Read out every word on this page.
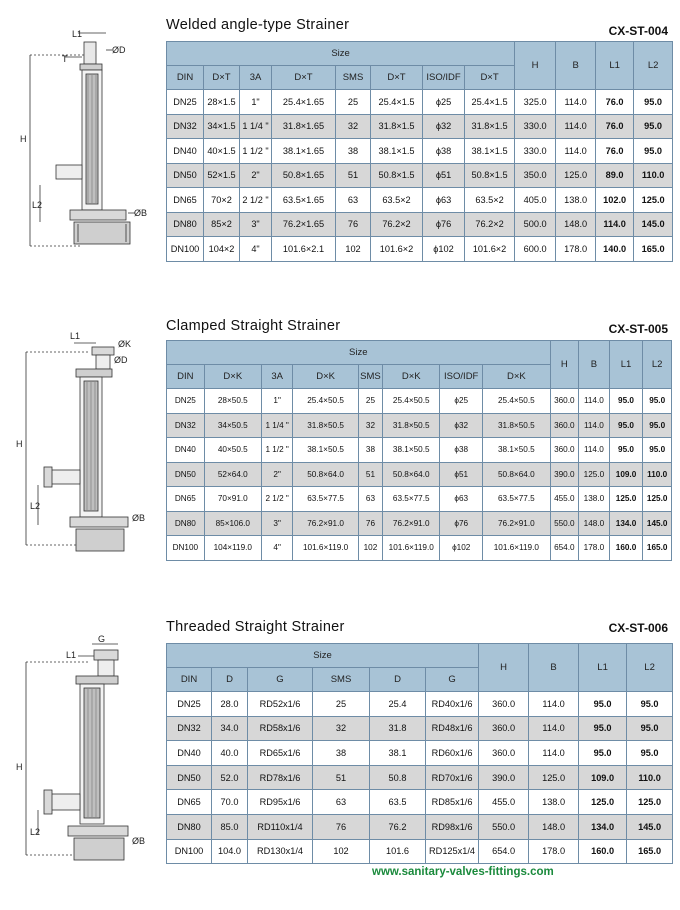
Welded angle-type Strainer	CX-ST-004
L1
T
ØD
H
L2
ØB
Size								H	B	L1	L2
DIN	D×T	3A	D×T	SMS	D×T	ISO/IDF	D×T				
DN25	28×1.5	1"	25.4×1.65	25	25.4×1.5	ϕ25	25.4×1.5	325.0	114.0	76.0	95.0
DN32	34×1.5	1 1/4 "	31.8×1.65	32	31.8×1.5	ϕ32	31.8×1.5	330.0	114.0	76.0	95.0
DN40	40×1.5	1 1/2 "	38.1×1.65	38	38.1×1.5	ϕ38	38.1×1.5	330.0	114.0	76.0	95.0
DN50	52×1.5	2"	50.8×1.65	51	50.8×1.5	ϕ51	50.8×1.5	350.0	125.0	89.0	110.0
DN65	70×2	2 1/2 "	63.5×1.65	63	63.5×2	ϕ63	63.5×2	405.0	138.0	102.0	125.0
DN80	85×2	3"	76.2×1.65	76	76.2×2	ϕ76	76.2×2	500.0	148.0	114.0	145.0
DN100	104×2	4"	101.6×2.1	102	101.6×2	ϕ102	101.6×2	600.0	178.0	140.0	165.0
Clamped Straight Strainer	CX-ST-005
L1
ØK
ØD
H
L2
ØB
Size								H	B	L1	L2
DIN	D×K	3A	D×K	SMS	D×K	ISO/IDF	D×K				
DN25	28×50.5	1"	25.4×50.5	25	25.4×50.5	ϕ25	25.4×50.5	360.0	114.0	95.0	95.0
DN32	34×50.5	1 1/4 "	31.8×50.5	32	31.8×50.5	ϕ32	31.8×50.5	360.0	114.0	95.0	95.0
DN40	40×50.5	1 1/2 "	38.1×50.5	38	38.1×50.5	ϕ38	38.1×50.5	360.0	114.0	95.0	95.0
DN50	52×64.0	2"	50.8×64.0	51	50.8×64.0	ϕ51	50.8×64.0	390.0	125.0	109.0	110.0
DN65	70×91.0	2 1/2 "	63.5×77.5	63	63.5×77.5	ϕ63	63.5×77.5	455.0	138.0	125.0	125.0
DN80	85×106.0	3"	76.2×91.0	76	76.2×91.0	ϕ76	76.2×91.0	550.0	148.0	134.0	145.0
DN100	104×119.0	4"	101.6×119.0	102	101.6×119.0	ϕ102	101.6×119.0	654.0	178.0	160.0	165.0
Threaded Straight Strainer	CX-ST-006
L1
G
H
L2
ØB
Size						H	B	L1	L2
DIN	D	G	SMS	D	G				
DN25	28.0	RD52x1/6	25	25.4	RD40x1/6	360.0	114.0	95.0	95.0
DN32	34.0	RD58x1/6	32	31.8	RD48x1/6	360.0	114.0	95.0	95.0
DN40	40.0	RD65x1/6	38	38.1	RD60x1/6	360.0	114.0	95.0	95.0
DN50	52.0	RD78x1/6	51	50.8	RD70x1/6	390.0	125.0	109.0	110.0
DN65	70.0	RD95x1/6	63	63.5	RD85x1/6	455.0	138.0	125.0	125.0
DN80	85.0	RD110x1/4	76	76.2	RD98x1/6	550.0	148.0	134.0	145.0
DN100	104.0	RD130x1/4	102	101.6	RD125x1/4	654.0	178.0	160.0	165.0
www.sanitary-valves-fittings.com
